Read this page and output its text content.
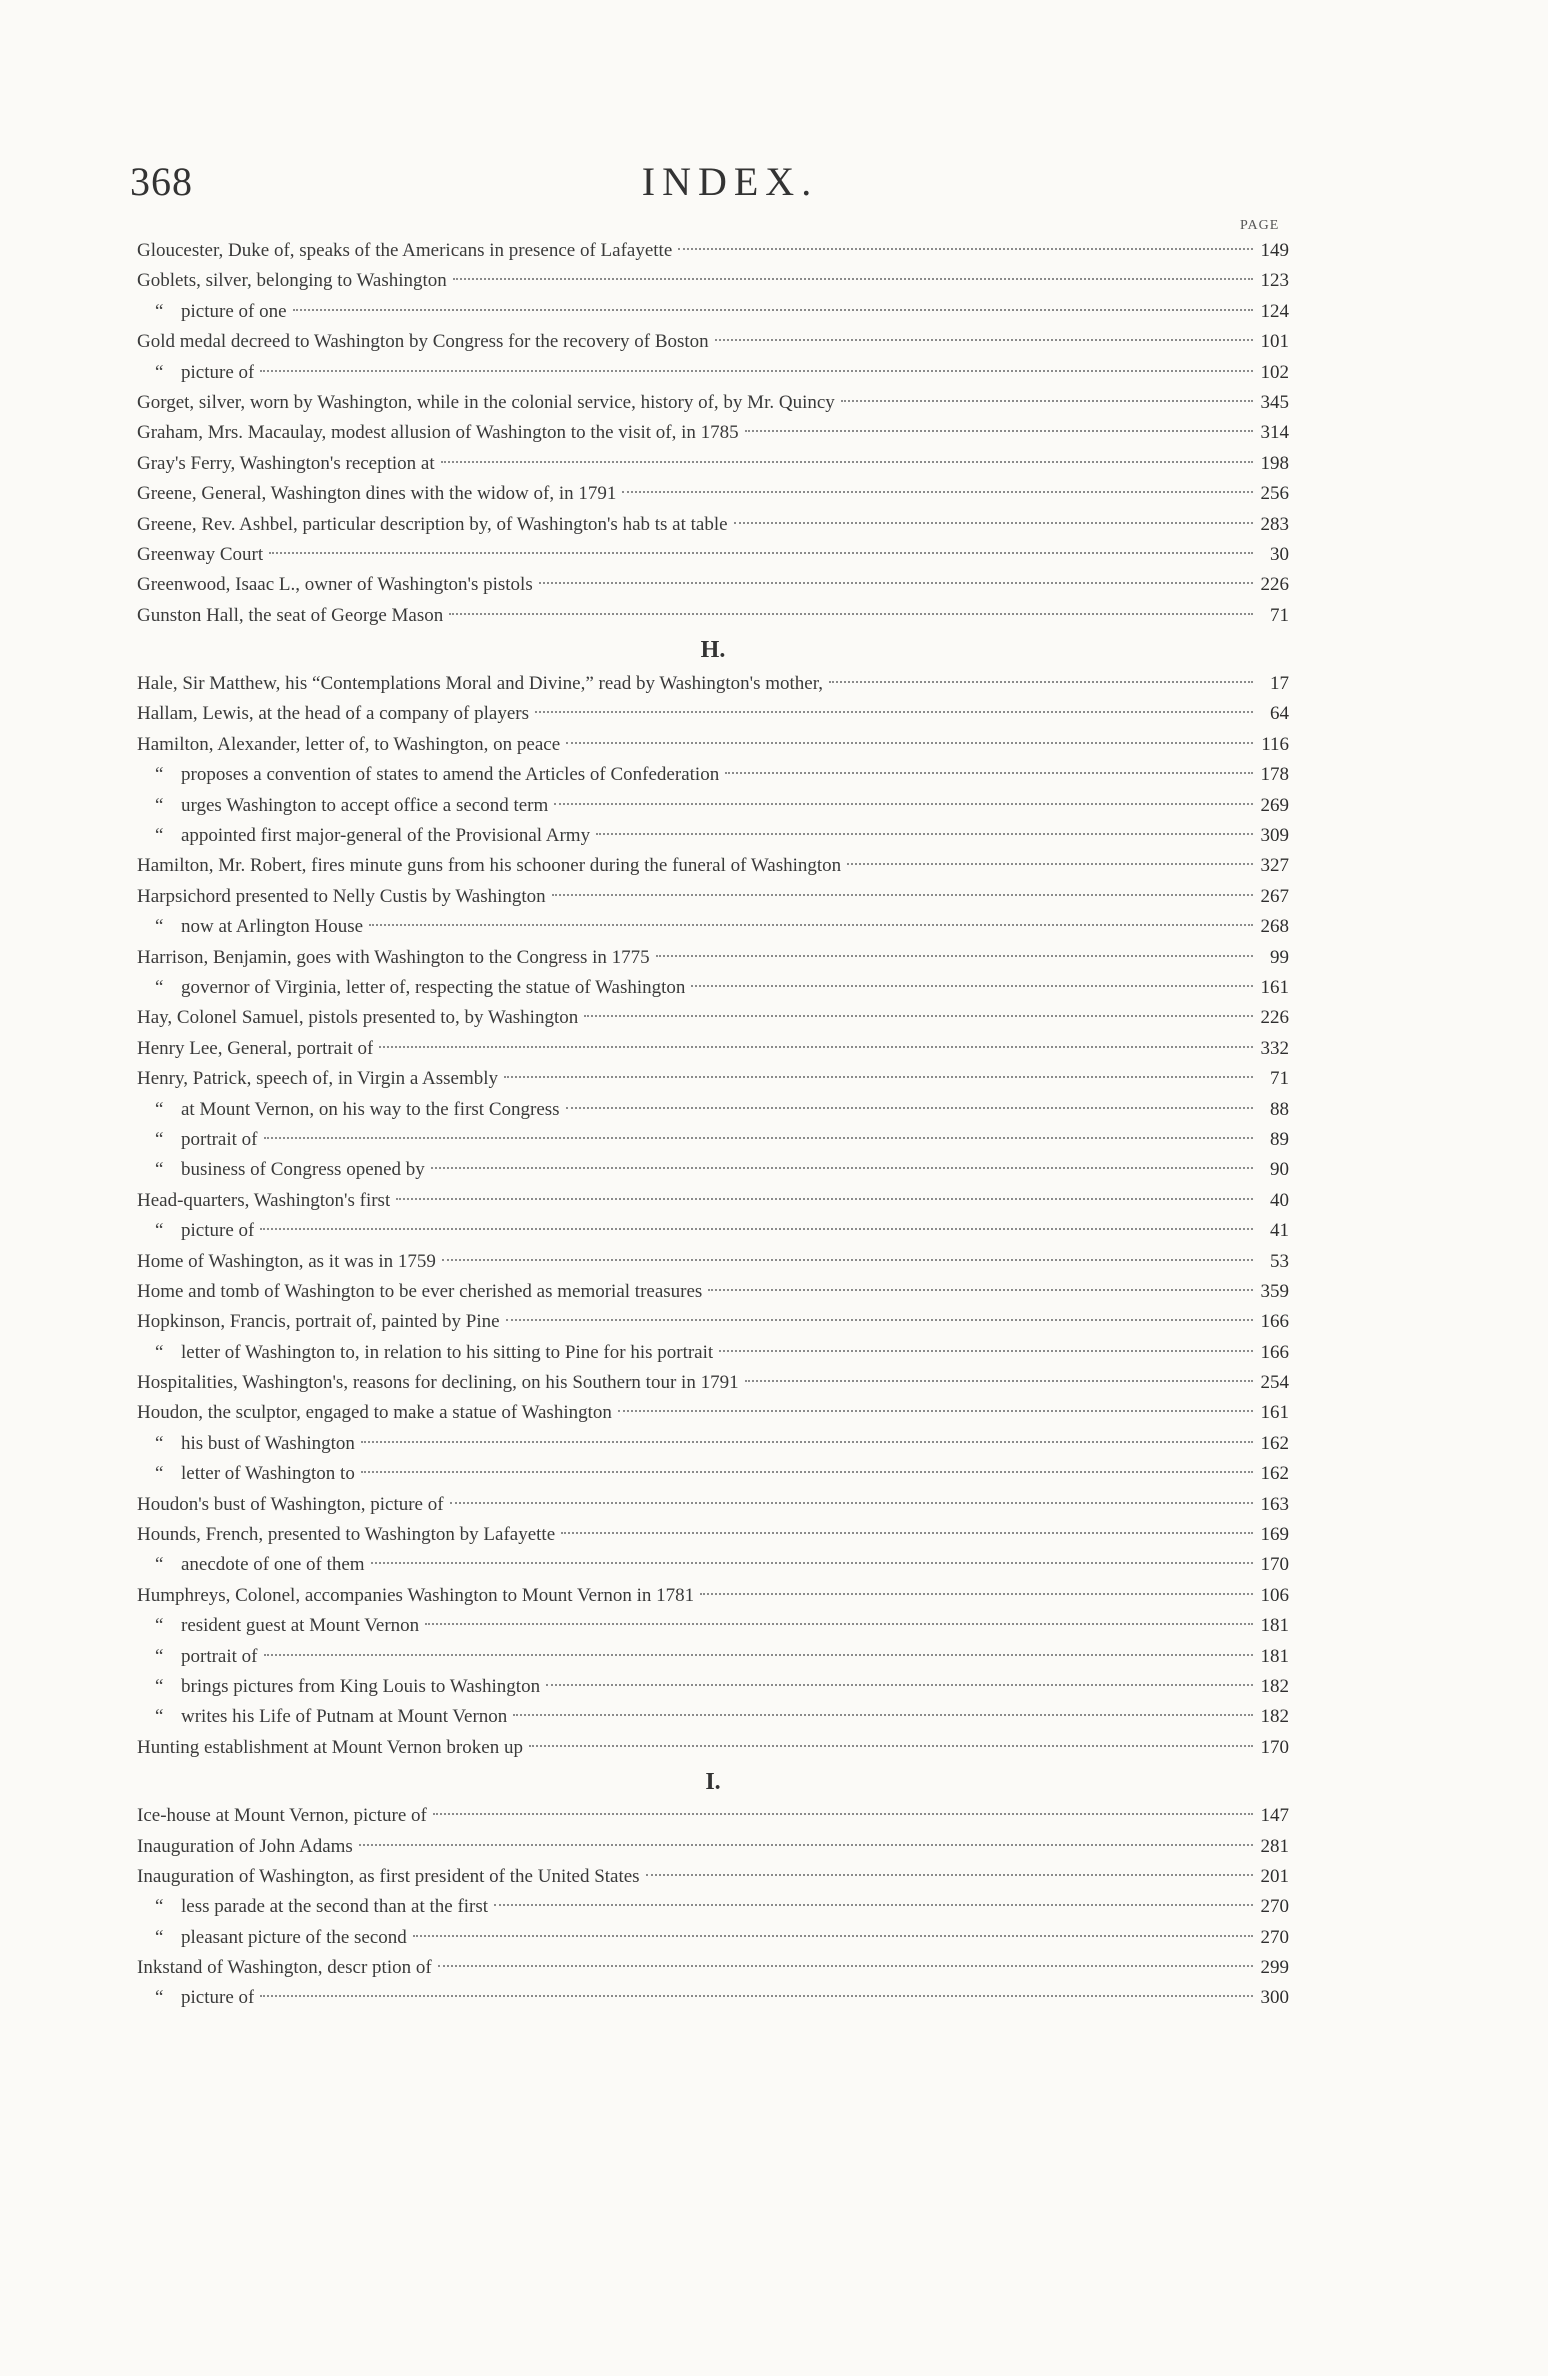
368	INDEX.
PAGE
Gloucester, Duke of, speaks of the Americans in presence of Lafayette	149
Goblets, silver, belonging to Washington	123
“ picture of one	124
Gold medal decreed to Washington by Congress for the recovery of Boston	101
“ picture of	102
Gorget, silver, worn by Washington, while in the colonial service, history of, by Mr. Quincy	345
Graham, Mrs. Macaulay, modest allusion of Washington to the visit of, in 1785	314
Gray's Ferry, Washington's reception at	198
Greene, General, Washington dines with the widow of, in 1791	256
Greene, Rev. Ashbel, particular description by, of Washington's hab ts at table	283
Greenway Court	30
Greenwood, Isaac L., owner of Washington's pistols	226
Gunston Hall, the seat of George Mason	71
H.
Hale, Sir Matthew, his “Contemplations Moral and Divine,” read by Washington's mother,	17
Hallam, Lewis, at the head of a company of players	64
Hamilton, Alexander, letter of, to Washington, on peace	116
“ proposes a convention of states to amend the Articles of Confederation	178
“ urges Washington to accept office a second term	269
“ appointed first major-general of the Provisional Army	309
Hamilton, Mr. Robert, fires minute guns from his schooner during the funeral of Washington	327
Harpsichord presented to Nelly Custis by Washington	267
“ now at Arlington House	268
Harrison, Benjamin, goes with Washington to the Congress in 1775	99
“ governor of Virginia, letter of, respecting the statue of Washington	161
Hay, Colonel Samuel, pistols presented to, by Washington	226
Henry Lee, General, portrait of	332
Henry, Patrick, speech of, in Virgin a Assembly	71
“ at Mount Vernon, on his way to the first Congress	88
“ portrait of	89
“ business of Congress opened by	90
Head-quarters, Washington's first	40
“ picture of	41
Home of Washington, as it was in 1759	53
Home and tomb of Washington to be ever cherished as memorial treasures	359
Hopkinson, Francis, portrait of, painted by Pine	166
“ letter of Washington to, in relation to his sitting to Pine for his portrait	166
Hospitalities, Washington's, reasons for declining, on his Southern tour in 1791	254
Houdon, the sculptor, engaged to make a statue of Washington	161
“ his bust of Washington	162
“ letter of Washington to	162
Houdon's bust of Washington, picture of	163
Hounds, French, presented to Washington by Lafayette	169
“ anecdote of one of them	170
Humphreys, Colonel, accompanies Washington to Mount Vernon in 1781	106
“ resident guest at Mount Vernon	181
“ portrait of	181
“ brings pictures from King Louis to Washington	182
“ writes his Life of Putnam at Mount Vernon	182
Hunting establishment at Mount Vernon broken up	170
I.
Ice-house at Mount Vernon, picture of	147
Inauguration of John Adams	281
Inauguration of Washington, as first president of the United States	201
“ less parade at the second than at the first	270
“ pleasant picture of the second	270
Inkstand of Washington, descr ption of	299
“ picture of	300
